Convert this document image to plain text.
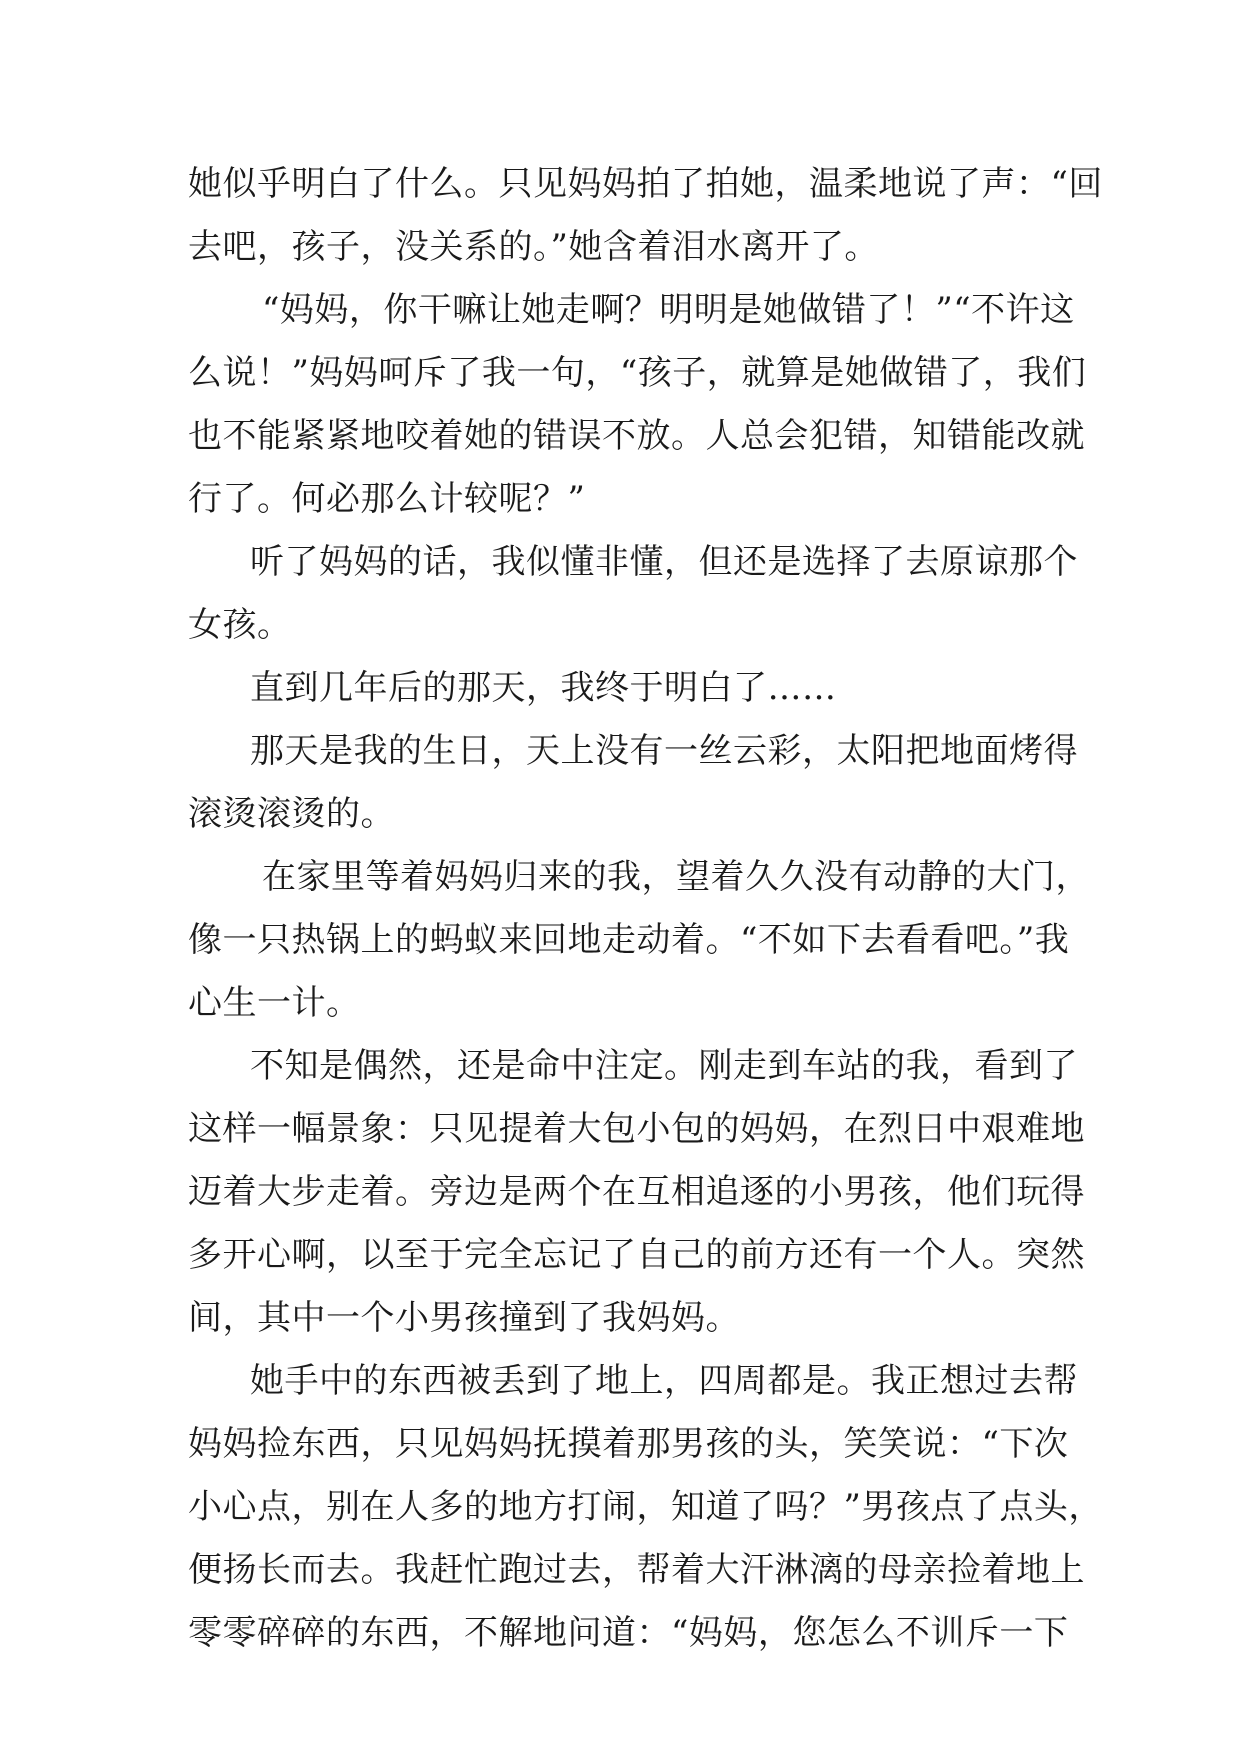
她似乎明白了什么。只见妈妈拍了拍她，温柔地说了声：“回
去吧，孩子，没关系的。”她含着泪水离开了。
“妈妈，你干嘛让她走啊？明明是她做错了！”“不许这
么说！”妈妈呵斥了我一句，“孩子，就算是她做错了，我们
也不能紧紧地咬着她的错误不放。人总会犯错，知错能改就
行了。何必那么计较呢？”
听了妈妈的话，我似懂非懂，但还是选择了去原谅那个
女孩。
直到几年后的那天，我终于明白了……
那天是我的生日，天上没有一丝云彩，太阳把地面烤得
滚烫滚烫的。
在家里等着妈妈归来的我，望着久久没有动静的大门，
像一只热锅上的蚂蚁来回地走动着。“不如下去看看吧。”我
心生一计。
不知是偶然，还是命中注定。刚走到车站的我，看到了
这样一幅景象：只见提着大包小包的妈妈，在烈日中艰难地
迈着大步走着。旁边是两个在互相追逐的小男孩，他们玩得
多开心啊，以至于完全忘记了自己的前方还有一个人。突然
间，其中一个小男孩撞到了我妈妈。
她手中的东西被丢到了地上，四周都是。我正想过去帮
妈妈捡东西，只见妈妈抚摸着那男孩的头，笑笑说：“下次
小心点，别在人多的地方打闹，知道了吗？”男孩点了点头，
便扬长而去。我赶忙跑过去，帮着大汗淋漓的母亲捡着地上
零零碎碎的东西，不解地问道：“妈妈，您怎么不训斥一下
